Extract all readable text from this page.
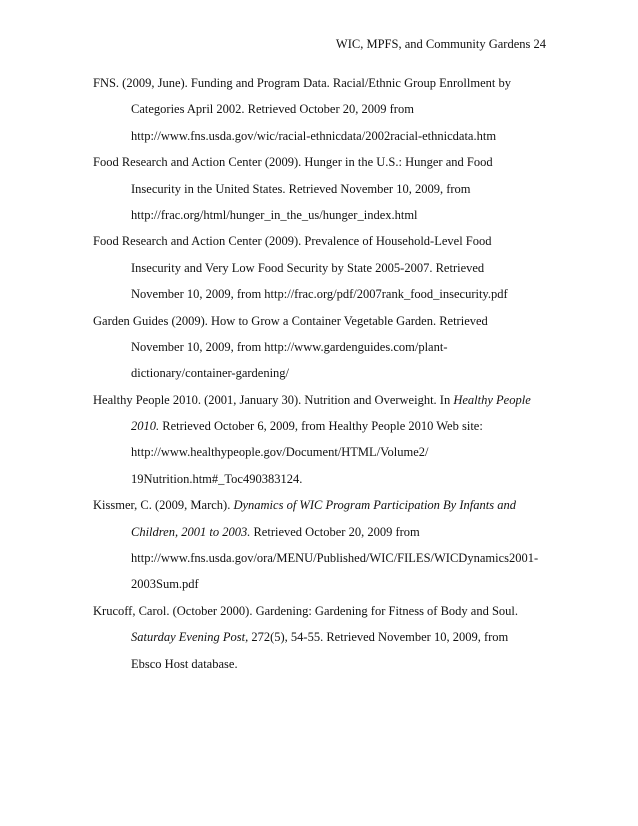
WIC, MPFS, and Community Gardens 24
FNS. (2009, June). Funding and Program Data. Racial/Ethnic Group Enrollment by
Categories April 2002. Retrieved October 20, 2009 from
http://www.fns.usda.gov/wic/racial-ethnicdata/2002racial-ethnicdata.htm
Food Research and Action Center (2009). Hunger in the U.S.: Hunger and Food
Insecurity in the United States. Retrieved November 10, 2009, from
http://frac.org/html/hunger_in_the_us/hunger_index.html
Food Research and Action Center (2009). Prevalence of Household-Level Food
Insecurity and Very Low Food Security by State 2005-2007. Retrieved
November 10, 2009, from http://frac.org/pdf/2007rank_food_insecurity.pdf
Garden Guides (2009). How to Grow a Container Vegetable Garden. Retrieved
November 10, 2009, from http://www.gardenguides.com/plant-
dictionary/container-gardening/
Healthy People 2010. (2001, January 30). Nutrition and Overweight. In Healthy People
2010. Retrieved October 6, 2009, from Healthy People 2010 Web site:
http://www.healthypeople.gov/Document/HTML/Volume2/
19Nutrition.htm#_Toc490383124.
Kissmer, C. (2009, March). Dynamics of WIC Program Participation By Infants and
Children, 2001 to 2003. Retrieved October 20, 2009 from
http://www.fns.usda.gov/ora/MENU/Published/WIC/FILES/WICDynamics2001-
2003Sum.pdf
Krucoff, Carol. (October 2000). Gardening: Gardening for Fitness of Body and Soul.
Saturday Evening Post, 272(5), 54-55. Retrieved November 10, 2009, from
Ebsco Host database.
